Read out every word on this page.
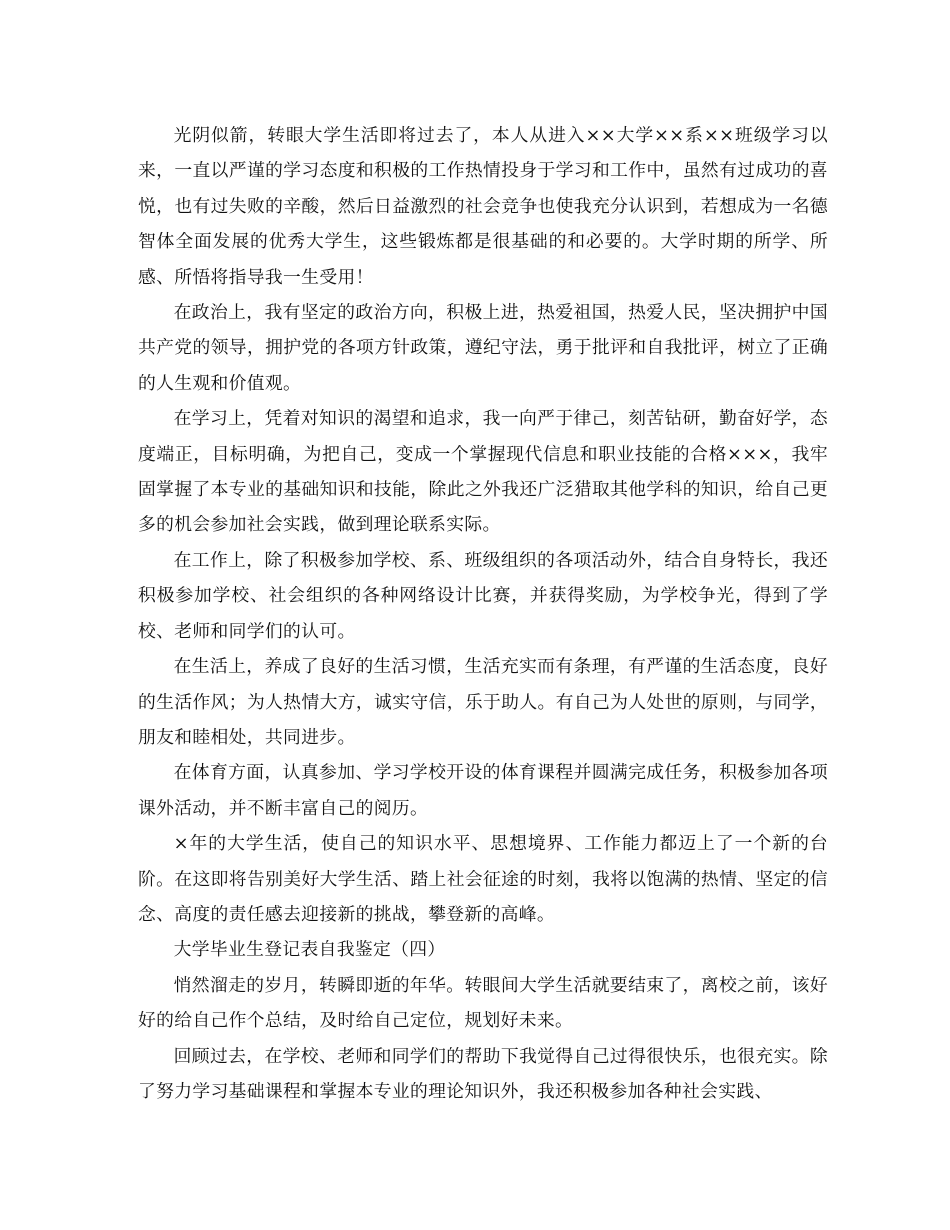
光阴似箭，转眼大学生活即将过去了，本人从进入××大学××系××班级学习以来，一直以严谨的学习态度和积极的工作热情投身于学习和工作中，虽然有过成功的喜悦，也有过失败的辛酸，然后日益激烈的社会竞争也使我充分认识到，若想成为一名德智体全面发展的优秀大学生，这些锻炼都是很基础的和必要的。大学时期的所学、所感、所悟将指导我一生受用！

在政治上，我有坚定的政治方向，积极上进，热爱祖国，热爱人民，坚决拥护中国共产党的领导，拥护党的各项方针政策，遵纪守法，勇于批评和自我批评，树立了正确的人生观和价值观。

在学习上，凭着对知识的渴望和追求，我一向严于律己，刻苦钻研，勤奋好学，态度端正，目标明确，为把自己，变成一个掌握现代信息和职业技能的合格×××，我牢固掌握了本专业的基础知识和技能，除此之外我还广泛猎取其他学科的知识，给自己更多的机会参加社会实践，做到理论联系实际。

在工作上，除了积极参加学校、系、班级组织的各项活动外，结合自身特长，我还积极参加学校、社会组织的各种网络设计比赛，并获得奖励，为学校争光，得到了学校、老师和同学们的认可。

在生活上，养成了良好的生活习惯，生活充实而有条理，有严谨的生活态度，良好的生活作风；为人热情大方，诚实守信，乐于助人。有自己为人处世的原则，与同学，朋友和睦相处，共同进步。

在体育方面，认真参加、学习学校开设的体育课程并圆满完成任务，积极参加各项课外活动，并不断丰富自己的阅历。

×年的大学生活，使自己的知识水平、思想境界、工作能力都迈上了一个新的台阶。在这即将告别美好大学生活、踏上社会征途的时刻，我将以饱满的热情、坚定的信念、高度的责任感去迎接新的挑战，攀登新的高峰。

大学毕业生登记表自我鉴定（四）

悄然溜走的岁月，转瞬即逝的年华。转眼间大学生活就要结束了，离校之前，该好好的给自己作个总结，及时给自己定位，规划好未来。

回顾过去，在学校、老师和同学们的帮助下我觉得自己过得很快乐，也很充实。除了努力学习基础课程和掌握本专业的理论知识外，我还积极参加各种社会实践、
